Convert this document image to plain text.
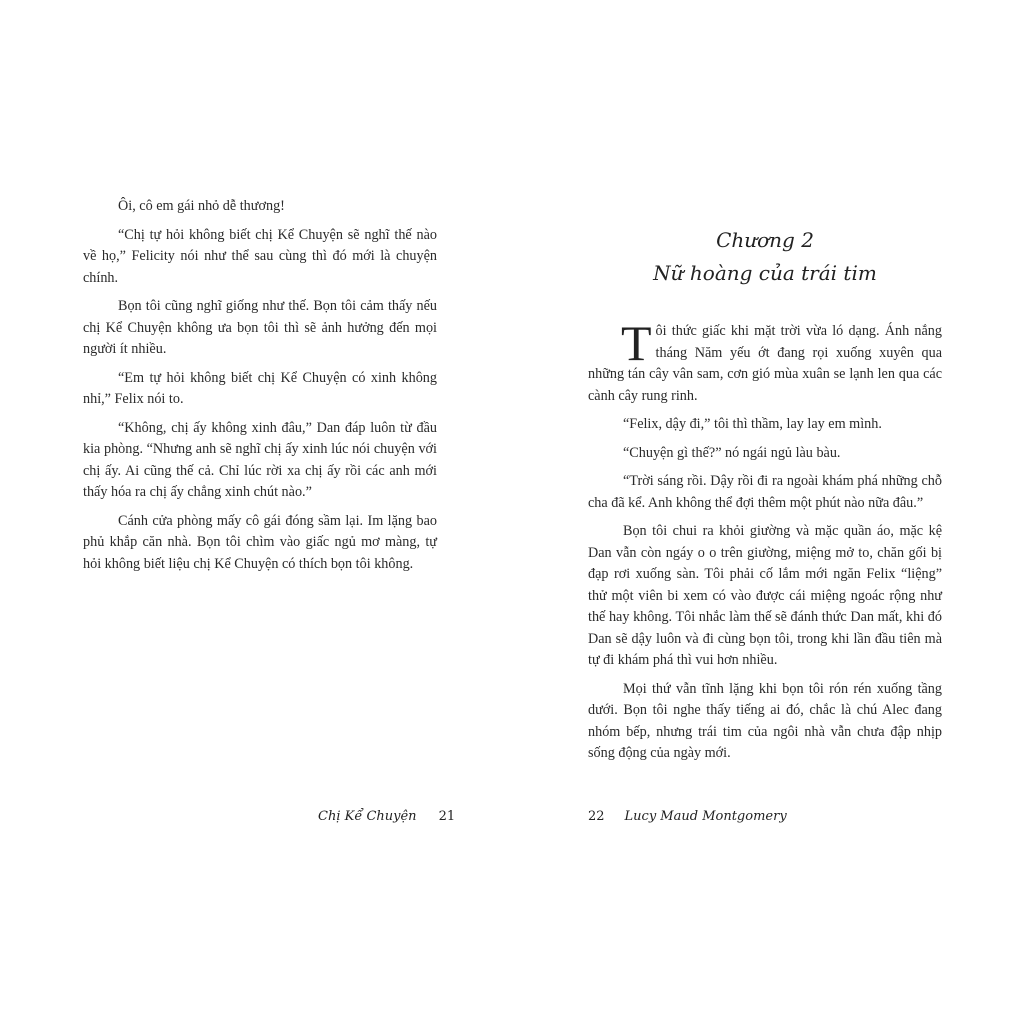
Ôi, cô em gái nhỏ dễ thương!

“Chị tự hỏi không biết chị Kể Chuyện sẽ nghĩ thế nào về họ,” Felicity nói như thể sau cùng thì đó mới là chuyện chính.

Bọn tôi cũng nghĩ giống như thế. Bọn tôi cảm thấy nếu chị Kể Chuyện không ưa bọn tôi thì sẽ ảnh hưởng đến mọi người ít nhiều.

“Em tự hỏi không biết chị Kể Chuyện có xinh không nhỉ,” Felix nói to.

“Không, chị ấy không xinh đâu,” Dan đáp luôn từ đầu kia phòng. “Nhưng anh sẽ nghĩ chị ấy xinh lúc nói chuyện với chị ấy. Ai cũng thế cả. Chỉ lúc rời xa chị ấy rồi các anh mới thấy hóa ra chị ấy chẳng xinh chút nào.”

Cánh cửa phòng mấy cô gái đóng sầm lại. Im lặng bao phủ khắp căn nhà. Bọn tôi chìm vào giấc ngủ mơ màng, tự hỏi không biết liệu chị Kể Chuyện có thích bọn tôi không.

Chị Kể Chuyện 21
Chương 2
Nữ hoàng của trái tim

Tôi thức giấc khi mặt trời vừa ló dạng. Ánh nắng tháng Năm yếu ớt đang rọi xuống xuyên qua những tán cây vân sam, cơn gió mùa xuân se lạnh len qua các cành cây rung rinh.

“Felix, dậy đi,” tôi thì thầm, lay lay em mình.

“Chuyện gì thế?” nó ngái ngủ làu bàu.

“Trời sáng rồi. Dậy rồi đi ra ngoài khám phá những chỗ cha đã kể. Anh không thể đợi thêm một phút nào nữa đâu.”

Bọn tôi chui ra khỏi giường và mặc quần áo, mặc kệ Dan vẫn còn ngáy o o trên giường, miệng mở to, chăn gối bị đạp rơi xuống sàn. Tôi phải cố lắm mới ngăn Felix “liệng” thử một viên bi xem có vào được cái miệng ngoác rộng như thế hay không. Tôi nhắc làm thế sẽ đánh thức Dan mất, khi đó Dan sẽ dậy luôn và đi cùng bọn tôi, trong khi lần đầu tiên mà tự đi khám phá thì vui hơn nhiều.

Mọi thứ vẫn tĩnh lặng khi bọn tôi rón rén xuống tầng dưới. Bọn tôi nghe thấy tiếng ai đó, chắc là chú Alec đang nhóm bếp, nhưng trái tim của ngôi nhà vẫn chưa đập nhịp sống động của ngày mới.

22 Lucy Maud Montgomery
